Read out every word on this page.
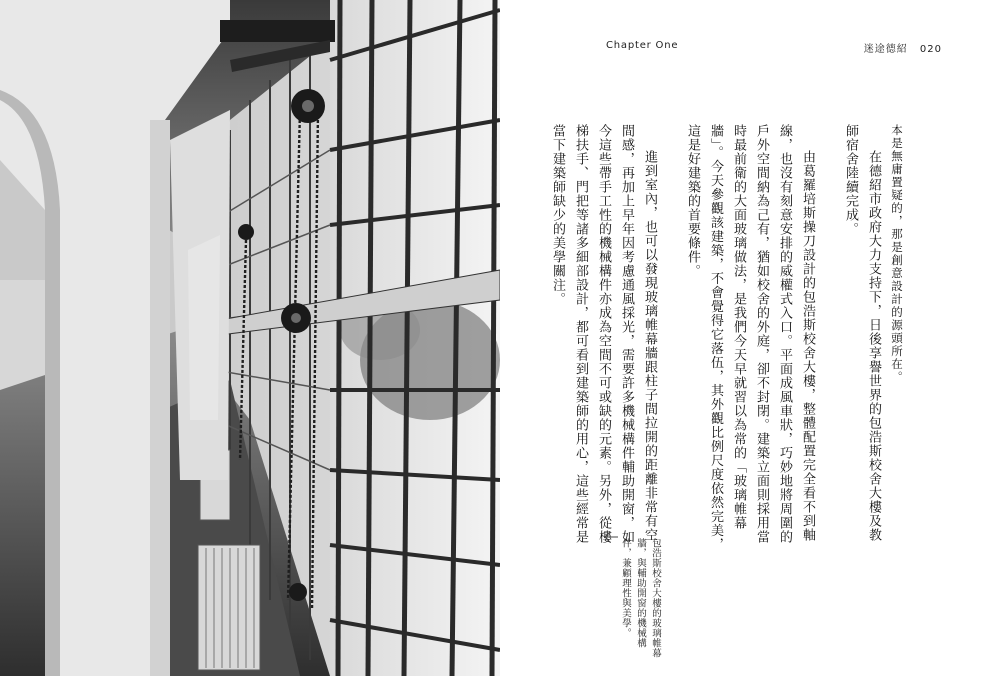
Chapter One	迷途德紹 020

本是無庸置疑的，那是創意設計的源頭所在。

在德紹市政府大力支持下，日後享譽世界的包浩斯校舍大樓及教師宿舍陸續完成。

由葛羅培斯操刀設計的包浩斯校舍大樓，整體配置完全看不到軸線，也沒有刻意安排的威權式入口。平面成風車狀，巧妙地將周圍的戶外空間納為己有，猶如校舍的外庭，卻不封閉。建築立面則採用當時最前衛的大面玻璃做法，是我們今天早就習以為常的「玻璃帷幕牆」。今天參觀該建築，不會覺得它落伍，其外觀比例尺度依然完美，這是好建築的首要條件。

進到室內，也可以發現玻璃帷幕牆跟柱子間拉開的距離非常有空間感，再加上早年因考慮通風採光，需要許多機械構件輔助開窗，如今這些帶手工性的機械構件亦成為空間不可或缺的元素。另外，從樓梯扶手、門把等諸多細部設計，都可看到建築師的用心，這些經常是當下建築師缺少的美學關注。

包浩斯校舍大樓的玻璃帷幕牆，與輔助開窗的機械構件，兼顧理性與美學。
